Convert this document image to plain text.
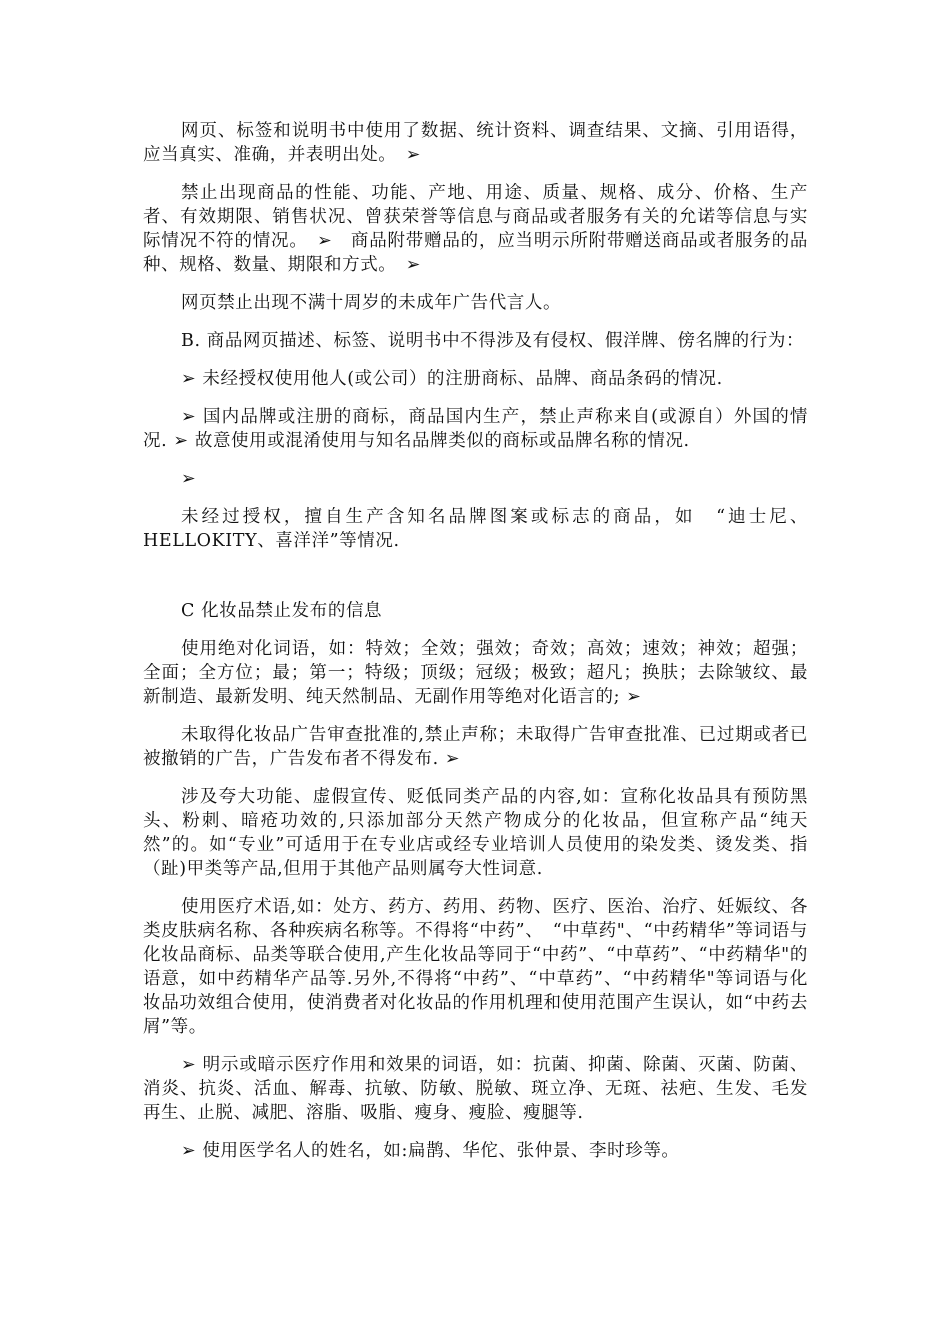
网页、标签和说明书中使用了数据、统计资料、调查结果、文摘、引用语得，应当真实、准确，并表明出处。　➢

禁止出现商品的性能、功能、产地、用途、质量、规格、成分、价格、生产者、有效期限、销售状况、曾获荣誉等信息与商品或者服务有关的允诺等信息与实际情况不符的情况。　➢　商品附带赠品的，应当明示所附带赠送商品或者服务的品种、规格、数量、期限和方式。　➢

网页禁止出现不满十周岁的未成年广告代言人。

B. 商品网页描述、标签、说明书中不得涉及有侵权、假洋牌、傍名牌的行为：

➢ 未经授权使用他人(或公司）的注册商标、品牌、商品条码的情况.

➢ 国内品牌或注册的商标，商品国内生产，禁止声称来自(或源自）外国的情况. ➢ 故意使用或混淆使用与知名品牌类似的商标或品牌名称的情况.

➢

未经过授权，擅自生产含知名品牌图案或标志的商品，如　“迪士尼、HELLOKITY、喜洋洋”等情况.

C 化妆品禁止发布的信息

使用绝对化词语，如：特效；全效；强效；奇效；高效；速效；神效；超强；全面；全方位；最；第一；特级；顶级；冠级；极致；超凡；换肤；去除皱纹、最新制造、最新发明、纯天然制品、无副作用等绝对化语言的; ➢

未取得化妆品广告审查批准的,禁止声称；未取得广告审查批准、已过期或者已被撤销的广告，广告发布者不得发布. ➢

涉及夸大功能、虚假宣传、贬低同类产品的内容,如：宣称化妆品具有预防黑头、粉刺、暗疮功效的,只添加部分天然产物成分的化妆品，但宣称产品“纯天然”的。如“专业”可适用于在专业店或经专业培训人员使用的染发类、烫发类、指（趾)甲类等产品,但用于其他产品则属夸大性词意.

使用医疗术语,如：处方、药方、药用、药物、医疗、医治、治疗、妊娠纹、各类皮肤病名称、各种疾病名称等。不得将“中药”、　“中草药"、“中药精华”等词语与化妆品商标、品类等联合使用,产生化妆品等同于“中药”、“中草药”、“中药精华"的语意，如中药精华产品等.另外,不得将“中药”、“中草药”、“中药精华"等词语与化妆品功效组合使用，使消费者对化妆品的作用机理和使用范围产生误认，如“中药去屑”等。

➢ 明示或暗示医疗作用和效果的词语，如：抗菌、抑菌、除菌、灭菌、防菌、消炎、抗炎、活血、解毒、抗敏、防敏、脱敏、斑立净、无斑、祛疤、生发、毛发再生、止脱、减肥、溶脂、吸脂、瘦身、瘦脸、瘦腿等.

➢ 使用医学名人的姓名，如:扁鹊、华佗、张仲景、李时珍等。
